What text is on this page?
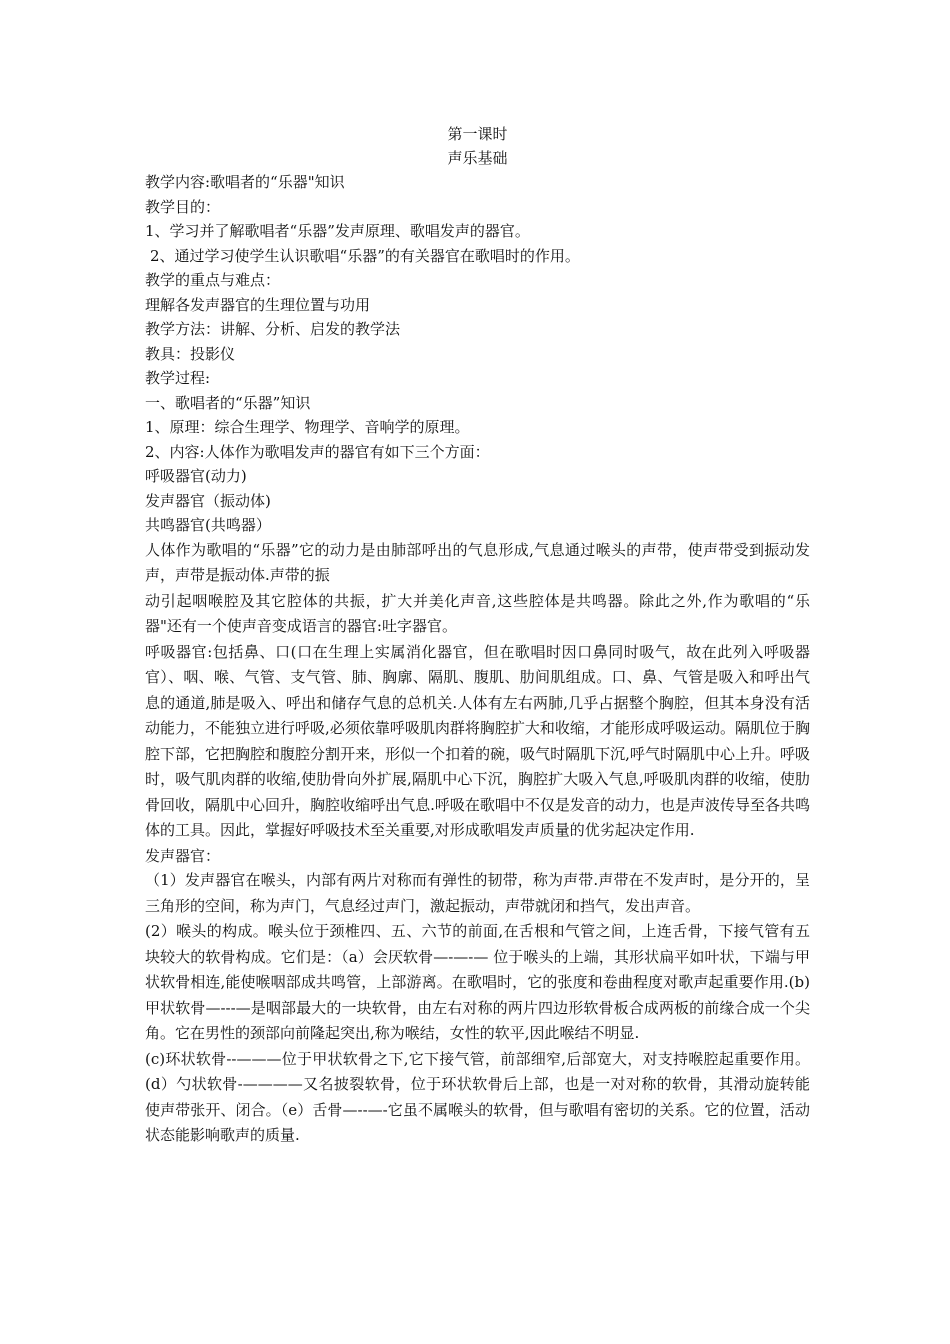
第一课时

声乐基础

教学内容:歌唱者的“乐器"知识

教学目的：

1、学习并了解歌唱者“乐器”发声原理、歌唱发声的器官。

2、通过学习使学生认识歌唱“乐器”的有关器官在歌唱时的作用。

教学的重点与难点：

理解各发声器官的生理位置与功用

教学方法：讲解、分析、启发的教学法

教具：投影仪

教学过程:

一、歌唱者的“乐器”知识

1、原理：综合生理学、物理学、音响学的原理。

2、内容:人体作为歌唱发声的器官有如下三个方面：

呼吸器官(动力)

发声器官（振动体)

共鸣器官(共鸣器）

人体作为歌唱的“乐器”它的动力是由肺部呼出的气息形成,气息通过喉头的声带，使声带受到振动发声，声带是振动体.声带的振

动引起咽喉腔及其它腔体的共振，扩大并美化声音,这些腔体是共鸣器。除此之外,作为歌唱的“乐器"还有一个使声音变成语言的器官:吐字器官。

呼吸器官:包括鼻、口(口在生理上实属消化器官，但在歌唱时因口鼻同时吸气，故在此列入呼吸器官）、咽、喉、气管、支气管、肺、胸廓、隔肌、腹肌、肋间肌组成。口、鼻、气管是吸入和呼出气息的通道,肺是吸入、呼出和储存气息的总机关.人体有左右两肺,几乎占据整个胸腔，但其本身没有活动能力，不能独立进行呼吸,必须依靠呼吸肌肉群将胸腔扩大和收缩，才能形成呼吸运动。隔肌位于胸腔下部，它把胸腔和腹腔分割开来，形似一个扣着的碗，吸气时隔肌下沉,呼气时隔肌中心上升。呼吸时，吸气肌肉群的收缩,使肋骨向外扩展,隔肌中心下沉，胸腔扩大吸入气息,呼吸肌肉群的收缩，使肋骨回收，隔肌中心回升，胸腔收缩呼出气息.呼吸在歌唱中不仅是发音的动力，也是声波传导至各共鸣体的工具。因此，掌握好呼吸技术至关重要,对形成歌唱发声质量的优劣起决定作用.

发声器官：

（1）发声器官在喉头，内部有两片对称而有弹性的韧带，称为声带.声带在不发声时，是分开的，呈三角形的空间，称为声门，气息经过声门，激起振动，声带就闭和挡气，发出声音。

(2）喉头的构成。喉头位于颈椎四、五、六节的前面,在舌根和气管之间，上连舌骨，下接气管有五块较大的软骨构成。它们是：（a）会厌软骨—-—-— 位于喉头的上端，其形状扁平如叶状，下端与甲状软骨相连,能使喉咽部成共鸣管，上部游离。在歌唱时，它的张度和卷曲程度对歌声起重要作用.(b)甲状软骨—---—是咽部最大的一块软骨，由左右对称的两片四边形软骨板合成两板的前缘合成一个尖角。它在男性的颈部向前隆起突出,称为喉结，女性的软平,因此喉结不明显.

(c)环状软骨--———位于甲状软骨之下,它下接气管，前部细窄,后部宽大，对支持喉腔起重要作用。(d）勺状软骨-————又名披裂软骨，位于环状软骨后上部，也是一对对称的软骨，其滑动旋转能使声带张开、闭合。（e）舌骨—--—-它虽不属喉头的软骨，但与歌唱有密切的关系。它的位置，活动状态能影响歌声的质量.
